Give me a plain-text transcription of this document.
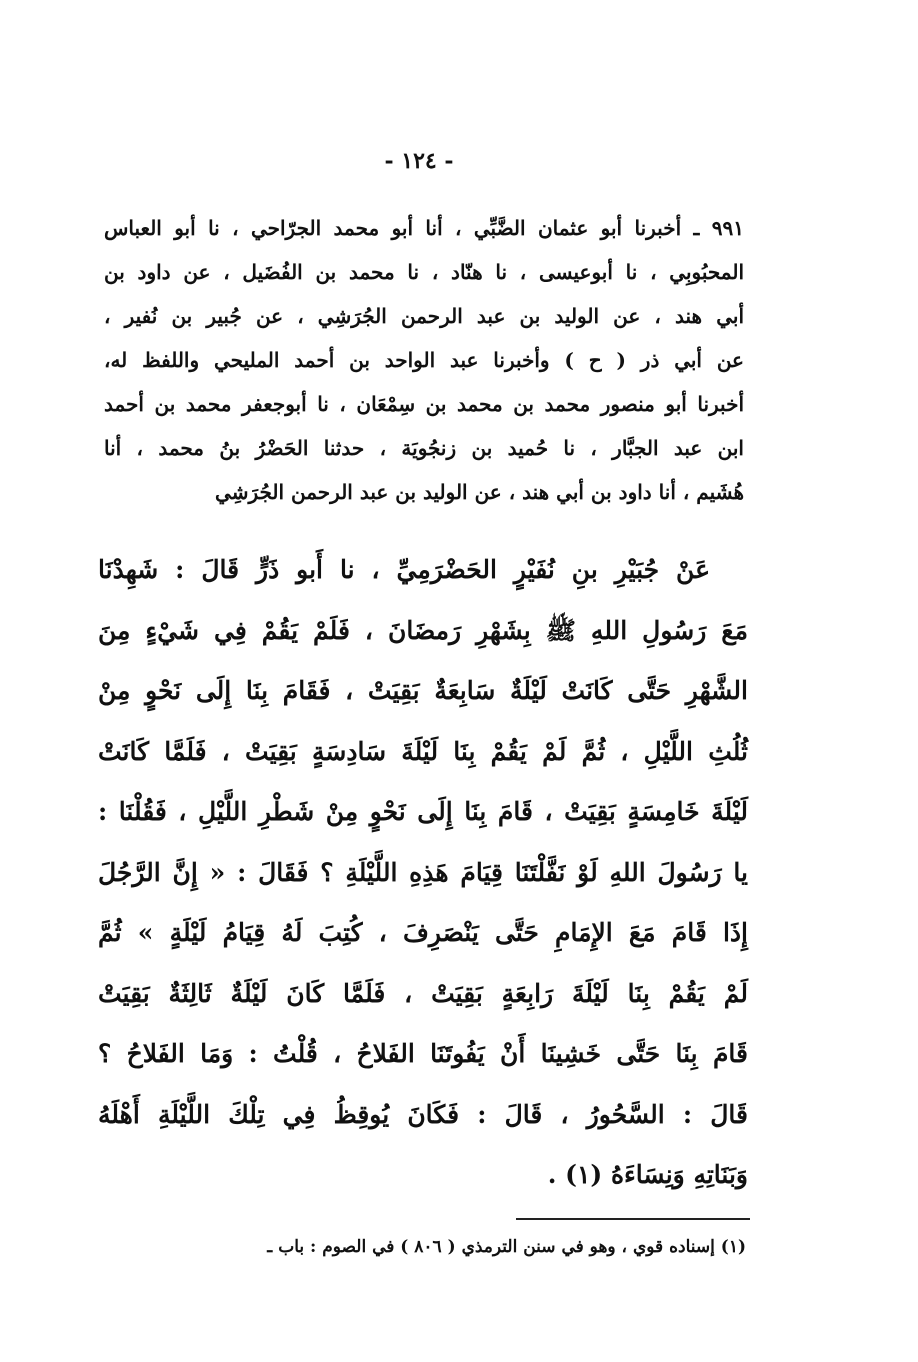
- ١٢٤ -
٩٩١ ـ أخبرنا أبو عثمان الضَّبِّي ، أنا أبو محمد الجرّاحي ، نا أبو العباس
المحبُوبِي ، نا أبوعيسى ، نا هنّاد ، نا محمد بن الفُضَيل ، عن داود بن
أبي هند ، عن الوليد بن عبد الرحمن الجُرَشِي ، عن جُبير بن نُفير ،
عن أبي ذر ( ح ) وأخبرنا عبد الواحد بن أحمد المليحي واللفظ له،
أخبرنا أبو منصور محمد بن محمد بن سِمْعَان ، نا أبوجعفر محمد بن أحمد
ابن عبد الجبَّار ، نا حُميد بن زنجُويَة ، حدثنا الحَضْرُ بنُ محمد ، أنا
هُشَيم ، أنا داود بن أبي هند ، عن الوليد بن عبد الرحمن الجُرَشِي
عَنْ جُبَيْرِ بنِ نُفَيْرٍ الحَضْرَمِيِّ ، نا أَبو ذَرٍّ قَالَ : شَهِدْنَا
مَعَ رَسُولِ اللهِ ﷺ بِشَهْرِ رَمضَانَ ، فَلَمْ يَقُمْ فِي شَيْءٍ مِنَ
الشَّهْرِ حَتَّى كَانَتْ لَيْلَةٌ سَابِعَةٌ بَقِيَتْ ، فَقَامَ بِنَا إِلَى نَحْوٍ مِنْ
ثُلُثِ اللَّيْلِ ، ثُمَّ لَمْ يَقُمْ بِنَا لَيْلَةَ سَادِسَةٍ بَقِيَتْ ، فَلَمَّا كَانَتْ
لَيْلَةَ خَامِسَةٍ بَقِيَتْ ، قَامَ بِنَا إِلَى نَحْوٍ مِنْ شَطْرِ اللَّيْلِ ، فَقُلْنَا :
يا رَسُولَ اللهِ لَوْ نَفَّلْتَنَا قِيَامَ هَذِهِ اللَّيْلَةِ ؟ فَقَالَ : « إِنَّ الرَّجُلَ
إِذَا قَامَ مَعَ الإِمَامِ حَتَّى يَنْصَرِفَ ، كُتِبَ لَهُ قِيَامُ لَيْلَةٍ » ثُمَّ
لَمْ يَقُمْ بِنَا لَيْلَةَ رَابِعَةٍ بَقِيَتْ ، فَلَمَّا كَانَ لَيْلَةٌ ثَالِثَةٌ بَقِيَتْ
قَامَ بِنَا حَتَّى خَشِينَا أَنْ يَفُوتَنَا الفَلاحُ ، قُلْتُ : وَمَا الفَلاحُ ؟
قَالَ : السَّحُورُ ، قَالَ : فَكَانَ يُوقِظُ فِي تِلْكَ اللَّيْلَةِ أَهْلَهُ
وَبَنَاتِهِ وَنِسَاءَهُ (١) .
(١) إسناده قوي ، وهو في سنن الترمذي ( ٨٠٦ ) في الصوم : باب ـ
